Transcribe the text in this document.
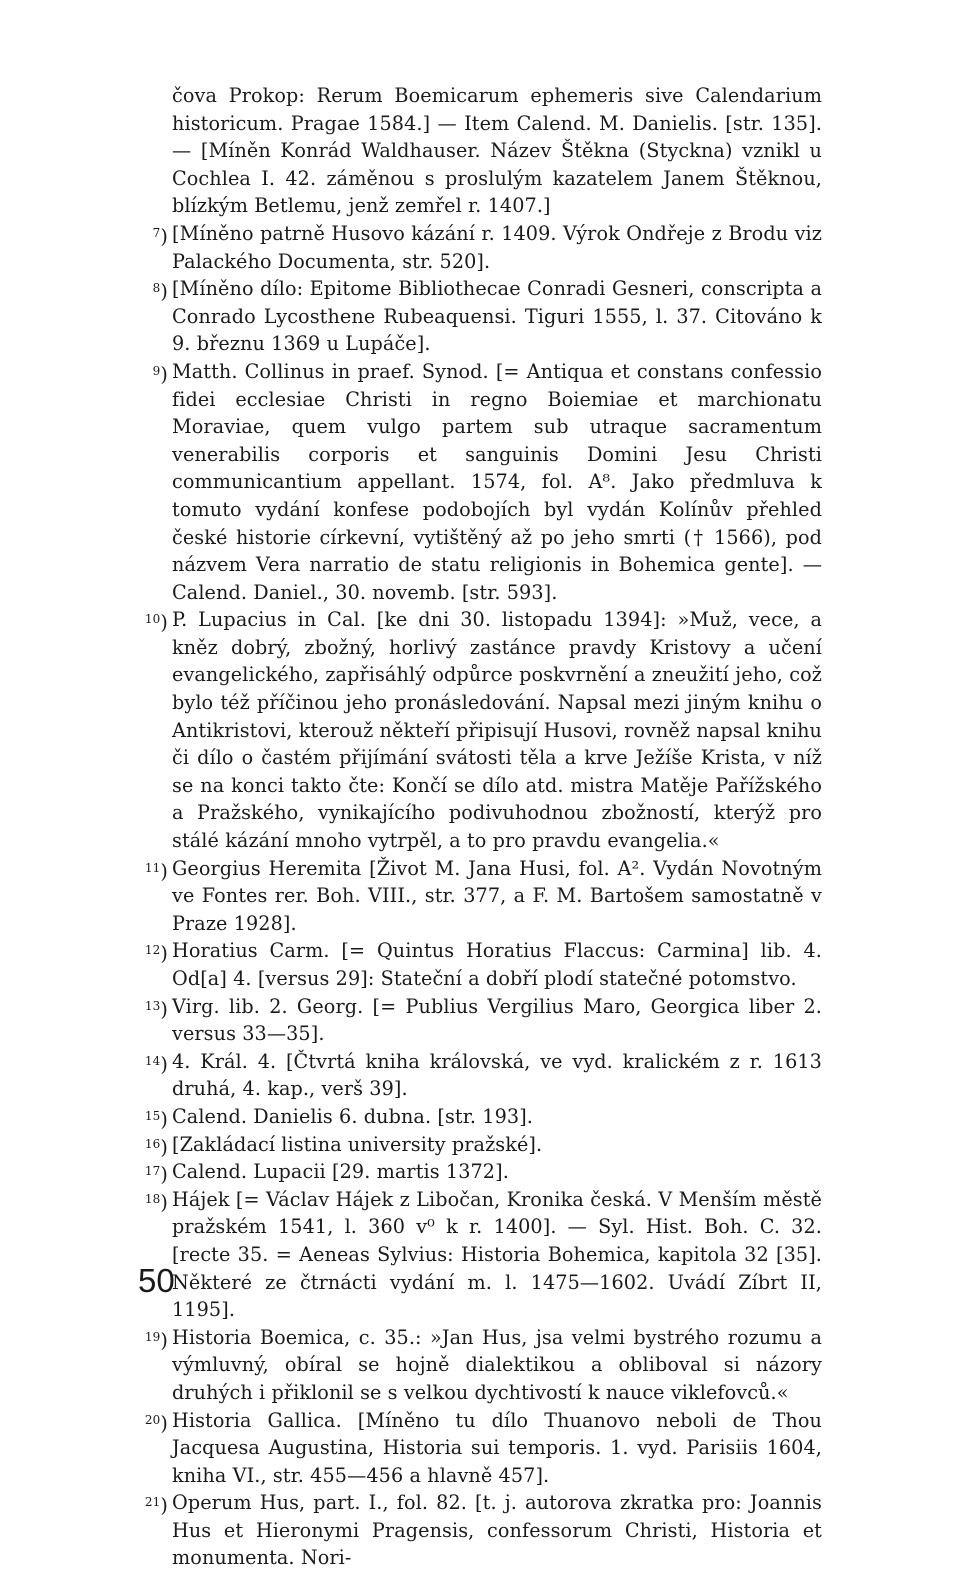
čova Prokop: Rerum Boemicarum ephemeris sive Calendarium historicum. Pragae 1584.] — Item Calend. M. Danielis. [str. 135]. — [Míněn Konrád Waldhauser. Název Štěkna (Styckna) vznikl u Cochlea I. 42. záměnou s proslulým kazatelem Janem Štěknou, blízkým Betlemu, jenž zemřel r. 1407.]

$^7$) [Míněno patrně Husovo kázání r. 1409. Výrok Ondřeje z Brodu viz Palackého Documenta, str. 520].

$^8$) [Míněno dílo: Epitome Bibliothecae Conradi Gesneri, conscripta a Conrado Lycosthene Rubeaquensi. Tiguri 1555, l. 37. Citováno k 9. březnu 1369 u Lupáče].

$^9$) Matth. Collinus in praef. Synod. [= Antiqua et constans confessio fidei ecclesiae Christi in regno Boiemiae et marchionatu Moraviae, quem vulgo partem sub utraque sacramentum venerabilis corporis et sanguinis Domini Jesu Christi communicantium appellant. 1574, fol. A⁸. Jako předmluva k tomuto vydání konfese podobojích byl vydán Kolínův přehled české historie církevní, vytištěný až po jeho smrti († 1566), pod názvem Vera narratio de statu religionis in Bohemica gente]. — Calend. Daniel., 30. novemb. [str. 593].

$^{10}$) P. Lupacius in Cal. [ke dni 30. listopadu 1394]: »Muž, vece, a kněz dobrý, zbožný, horlivý zastánce pravdy Kristovy a učení evangelického, zapřisáhlý odpůrce poskvrnění a zneužití jeho, což bylo též příčinou jeho pronásledování. Napsal mezi jiným knihu o Antikristovi, kterouž někteří připisují Husovi, rovněž napsal knihu či dílo o častém přijímání svátosti těla a krve Ježíše Krista, v níž se na konci takto čte: Končí se dílo atd. mistra Matěje Pařížského a Pražského, vynikajícího podivuhodnou zbožností, kterýž pro stálé kázání mnoho vytrpěl, a to pro pravdu evangelia.«

$^{11}$) Georgius Heremita [Život M. Jana Husi, fol. A². Vydán Novotným ve Fontes rer. Boh. VIII., str. 377, a F. M. Bartošem samostatně v Praze 1928].

$^{12}$) Horatius Carm. [= Quintus Horatius Flaccus: Carmina] lib. 4. Od[a] 4. [versus 29]: Stateční a dobří plodí statečné potomstvo.

$^{13}$) Virg. lib. 2. Georg. [= Publius Vergilius Maro, Georgica liber 2. versus 33—35].

$^{14}$) 4. Král. 4. [Čtvrtá kniha královská, ve vyd. kralickém z r. 1613 druhá, 4. kap., verš 39].

$^{15}$) Calend. Danielis 6. dubna. [str. 193].

$^{16}$) [Zakládací listina university pražské].

$^{17}$) Calend. Lupacii [29. martis 1372].

$^{18}$) Hájek [= Václav Hájek z Libočan, Kronika česká. V Menším městě pražském 1541, l. 360 v⁰ k r. 1400]. — Syl. Hist. Boh. C. 32. [recte 35. = Aeneas Sylvius: Historia Bohemica, kapitola 32 [35]. Některé ze čtrnácti vydání m. l. 1475—1602. Uvádí Zíbrt II, 1195].

$^{19}$) Historia Boemica, c. 35.: »Jan Hus, jsa velmi bystrého rozumu a výmluvný, obíral se hojně dialektikou a obliboval si názory druhých i přiklonil se s velkou dychtivostí k nauce viklefovců.«

$^{20}$) Historia Gallica. [Míněno tu dílo Thuanovo neboli de Thou Jacquesa Augustina, Historia sui temporis. 1. vyd. Parisiis 1604, kniha VI., str. 455—456 a hlavně 457].

$^{21}$) Operum Hus, part. I., fol. 82. [t. j. autorova zkratka pro: Joannis Hus et Hieronymi Pragensis, confessorum Christi, Historia et monumenta. Nori-

50
